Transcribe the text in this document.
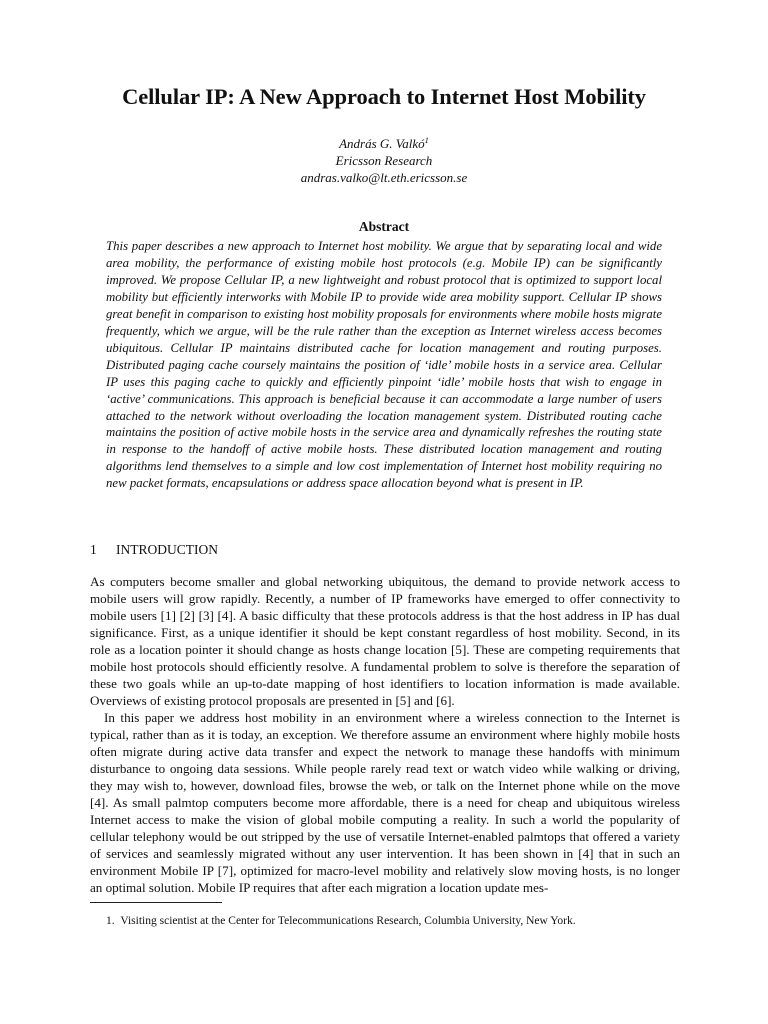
Cellular IP: A New Approach to Internet Host Mobility
András G. Valkó$^1$
Ericsson Research
andras.valko@lt.eth.ericsson.se
Abstract

This paper describes a new approach to Internet host mobility. We argue that by separating local and wide area mobility, the performance of existing mobile host protocols (e.g. Mobile IP) can be significantly improved. We propose Cellular IP, a new lightweight and robust protocol that is optimized to support local mobility but efficiently interworks with Mobile IP to provide wide area mobility support. Cellular IP shows great benefit in comparison to existing host mobility proposals for environments where mobile hosts migrate frequently, which we argue, will be the rule rather than the exception as Internet wireless access becomes ubiquitous. Cellular IP maintains distributed cache for location management and routing purposes. Distributed paging cache coursely maintains the position of ‘idle’ mobile hosts in a service area. Cellular IP uses this paging cache to quickly and efficiently pinpoint ‘idle’ mobile hosts that wish to engage in ‘active’ communications. This approach is beneficial because it can accommodate a large number of users attached to the network without overloading the location management system. Distributed routing cache maintains the position of active mobile hosts in the service area and dynamically refreshes the routing state in response to the handoff of active mobile hosts. These distributed location management and routing algorithms lend themselves to a simple and low cost implementation of Internet host mobility requiring no new packet formats, encapsulations or address space allocation beyond what is present in IP.

1 INTRODUCTION

As computers become smaller and global networking ubiquitous, the demand to provide network access to mobile users will grow rapidly. Recently, a number of IP frameworks have emerged to offer connectivity to mobile users [1] [2] [3] [4]. A basic difficulty that these protocols address is that the host address in IP has dual significance. First, as a unique identifier it should be kept constant regardless of host mobility. Second, in its role as a location pointer it should change as hosts change location [5]. These are competing requirements that mobile host protocols should efficiently resolve. A fundamental problem to solve is therefore the separation of these two goals while an up-to-date mapping of host identifiers to location information is made available. Overviews of existing protocol proposals are presented in [5] and [6].

In this paper we address host mobility in an environment where a wireless connection to the Internet is typical, rather than as it is today, an exception. We therefore assume an environment where highly mobile hosts often migrate during active data transfer and expect the network to manage these handoffs with minimum disturbance to ongoing data sessions. While people rarely read text or watch video while walking or driving, they may wish to, however, download files, browse the web, or talk on the Internet phone while on the move [4]. As small palmtop computers become more affordable, there is a need for cheap and ubiquitous wireless Internet access to make the vision of global mobile computing a reality. In such a world the popularity of cellular telephony would be out stripped by the use of versatile Internet-enabled palmtops that offered a variety of services and seamlessly migrated without any user intervention. It has been shown in [4] that in such an environment Mobile IP [7], optimized for macro-level mobility and relatively slow moving hosts, is no longer an optimal solution. Mobile IP requires that after each migration a location update mes-

1. Visiting scientist at the Center for Telecommunications Research, Columbia University, New York.
